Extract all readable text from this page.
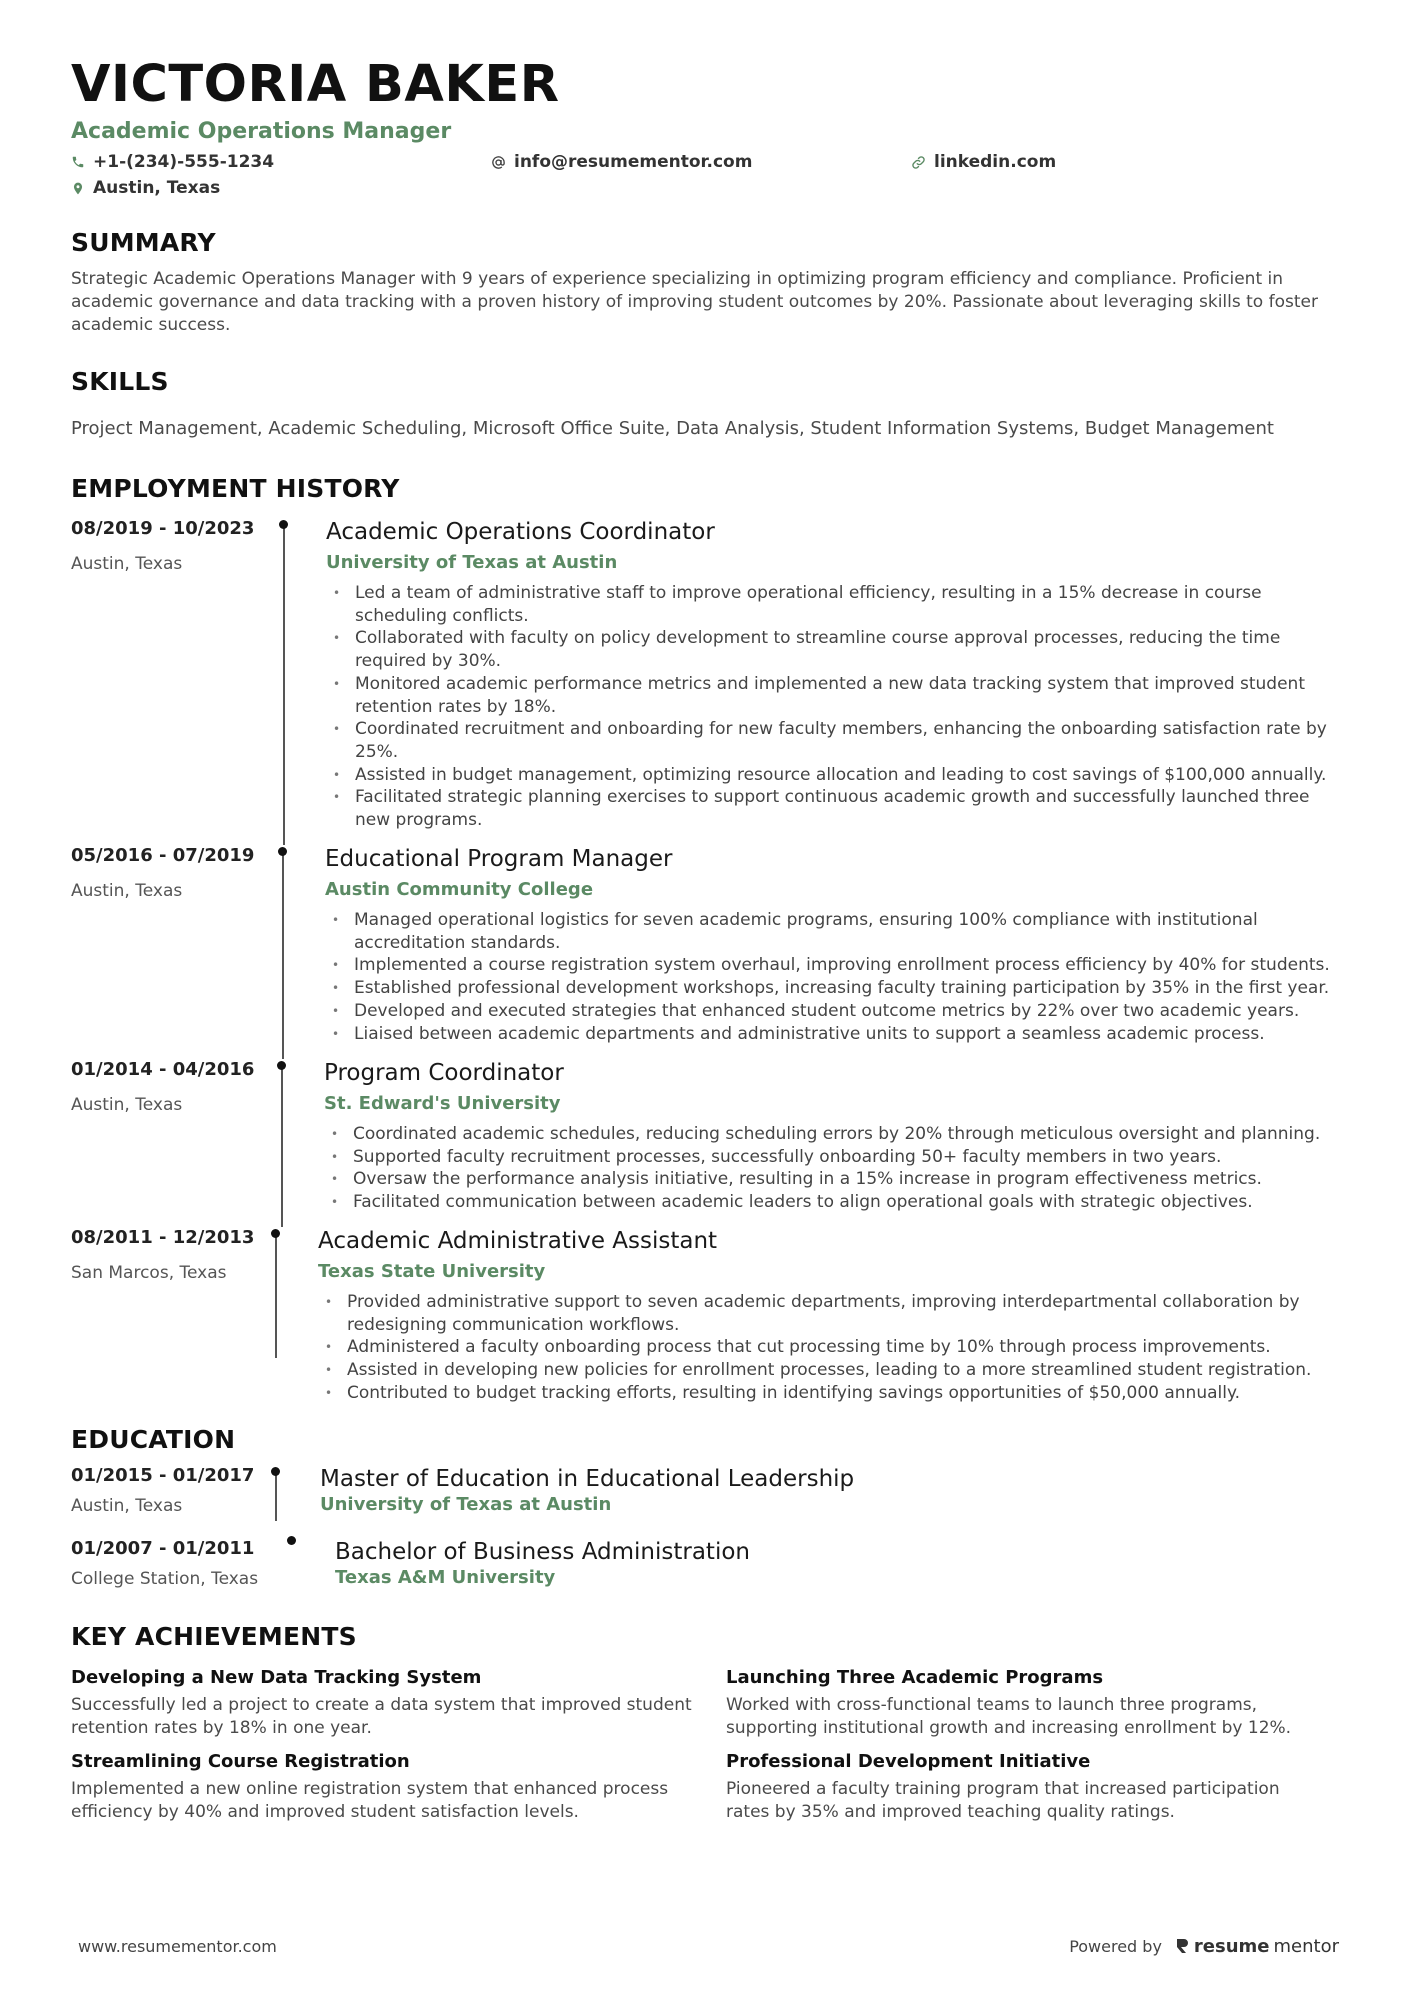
VICTORIA BAKER
Academic Operations Manager
+1-(234)-555-1234	info@resumementor.com	linkedin.com
Austin, Texas
SUMMARY
Strategic Academic Operations Manager with 9 years of experience specializing in optimizing program efficiency and compliance. Proficient in academic governance and data tracking with a proven history of improving student outcomes by 20%. Passionate about leveraging skills to foster academic success.
SKILLS
Project Management, Academic Scheduling, Microsoft Office Suite, Data Analysis, Student Information Systems, Budget Management
EMPLOYMENT HISTORY
08/2019 - 10/2023
Austin, Texas
Academic Operations Coordinator
University of Texas at Austin
• Led a team of administrative staff to improve operational efficiency, resulting in a 15% decrease in course scheduling conflicts.
• Collaborated with faculty on policy development to streamline course approval processes, reducing the time required by 30%.
• Monitored academic performance metrics and implemented a new data tracking system that improved student retention rates by 18%.
• Coordinated recruitment and onboarding for new faculty members, enhancing the onboarding satisfaction rate by 25%.
• Assisted in budget management, optimizing resource allocation and leading to cost savings of $100,000 annually.
• Facilitated strategic planning exercises to support continuous academic growth and successfully launched three new programs.
05/2016 - 07/2019
Austin, Texas
Educational Program Manager
Austin Community College
• Managed operational logistics for seven academic programs, ensuring 100% compliance with institutional accreditation standards.
• Implemented a course registration system overhaul, improving enrollment process efficiency by 40% for students.
• Established professional development workshops, increasing faculty training participation by 35% in the first year.
• Developed and executed strategies that enhanced student outcome metrics by 22% over two academic years.
• Liaised between academic departments and administrative units to support a seamless academic process.
01/2014 - 04/2016
Austin, Texas
Program Coordinator
St. Edward's University
• Coordinated academic schedules, reducing scheduling errors by 20% through meticulous oversight and planning.
• Supported faculty recruitment processes, successfully onboarding 50+ faculty members in two years.
• Oversaw the performance analysis initiative, resulting in a 15% increase in program effectiveness metrics.
• Facilitated communication between academic leaders to align operational goals with strategic objectives.
08/2011 - 12/2013
San Marcos, Texas
Academic Administrative Assistant
Texas State University
• Provided administrative support to seven academic departments, improving interdepartmental collaboration by redesigning communication workflows.
• Administered a faculty onboarding process that cut processing time by 10% through process improvements.
• Assisted in developing new policies for enrollment processes, leading to a more streamlined student registration.
• Contributed to budget tracking efforts, resulting in identifying savings opportunities of $50,000 annually.
EDUCATION
01/2015 - 01/2017
Austin, Texas
Master of Education in Educational Leadership
University of Texas at Austin
01/2007 - 01/2011
College Station, Texas
Bachelor of Business Administration
Texas A&M University
KEY ACHIEVEMENTS
Developing a New Data Tracking System
Successfully led a project to create a data system that improved student retention rates by 18% in one year.
Launching Three Academic Programs
Worked with cross-functional teams to launch three programs, supporting institutional growth and increasing enrollment by 12%.
Streamlining Course Registration
Implemented a new online registration system that enhanced process efficiency by 40% and improved student satisfaction levels.
Professional Development Initiative
Pioneered a faculty training program that increased participation rates by 35% and improved teaching quality ratings.
www.resumementor.com	Powered by resume mentor
